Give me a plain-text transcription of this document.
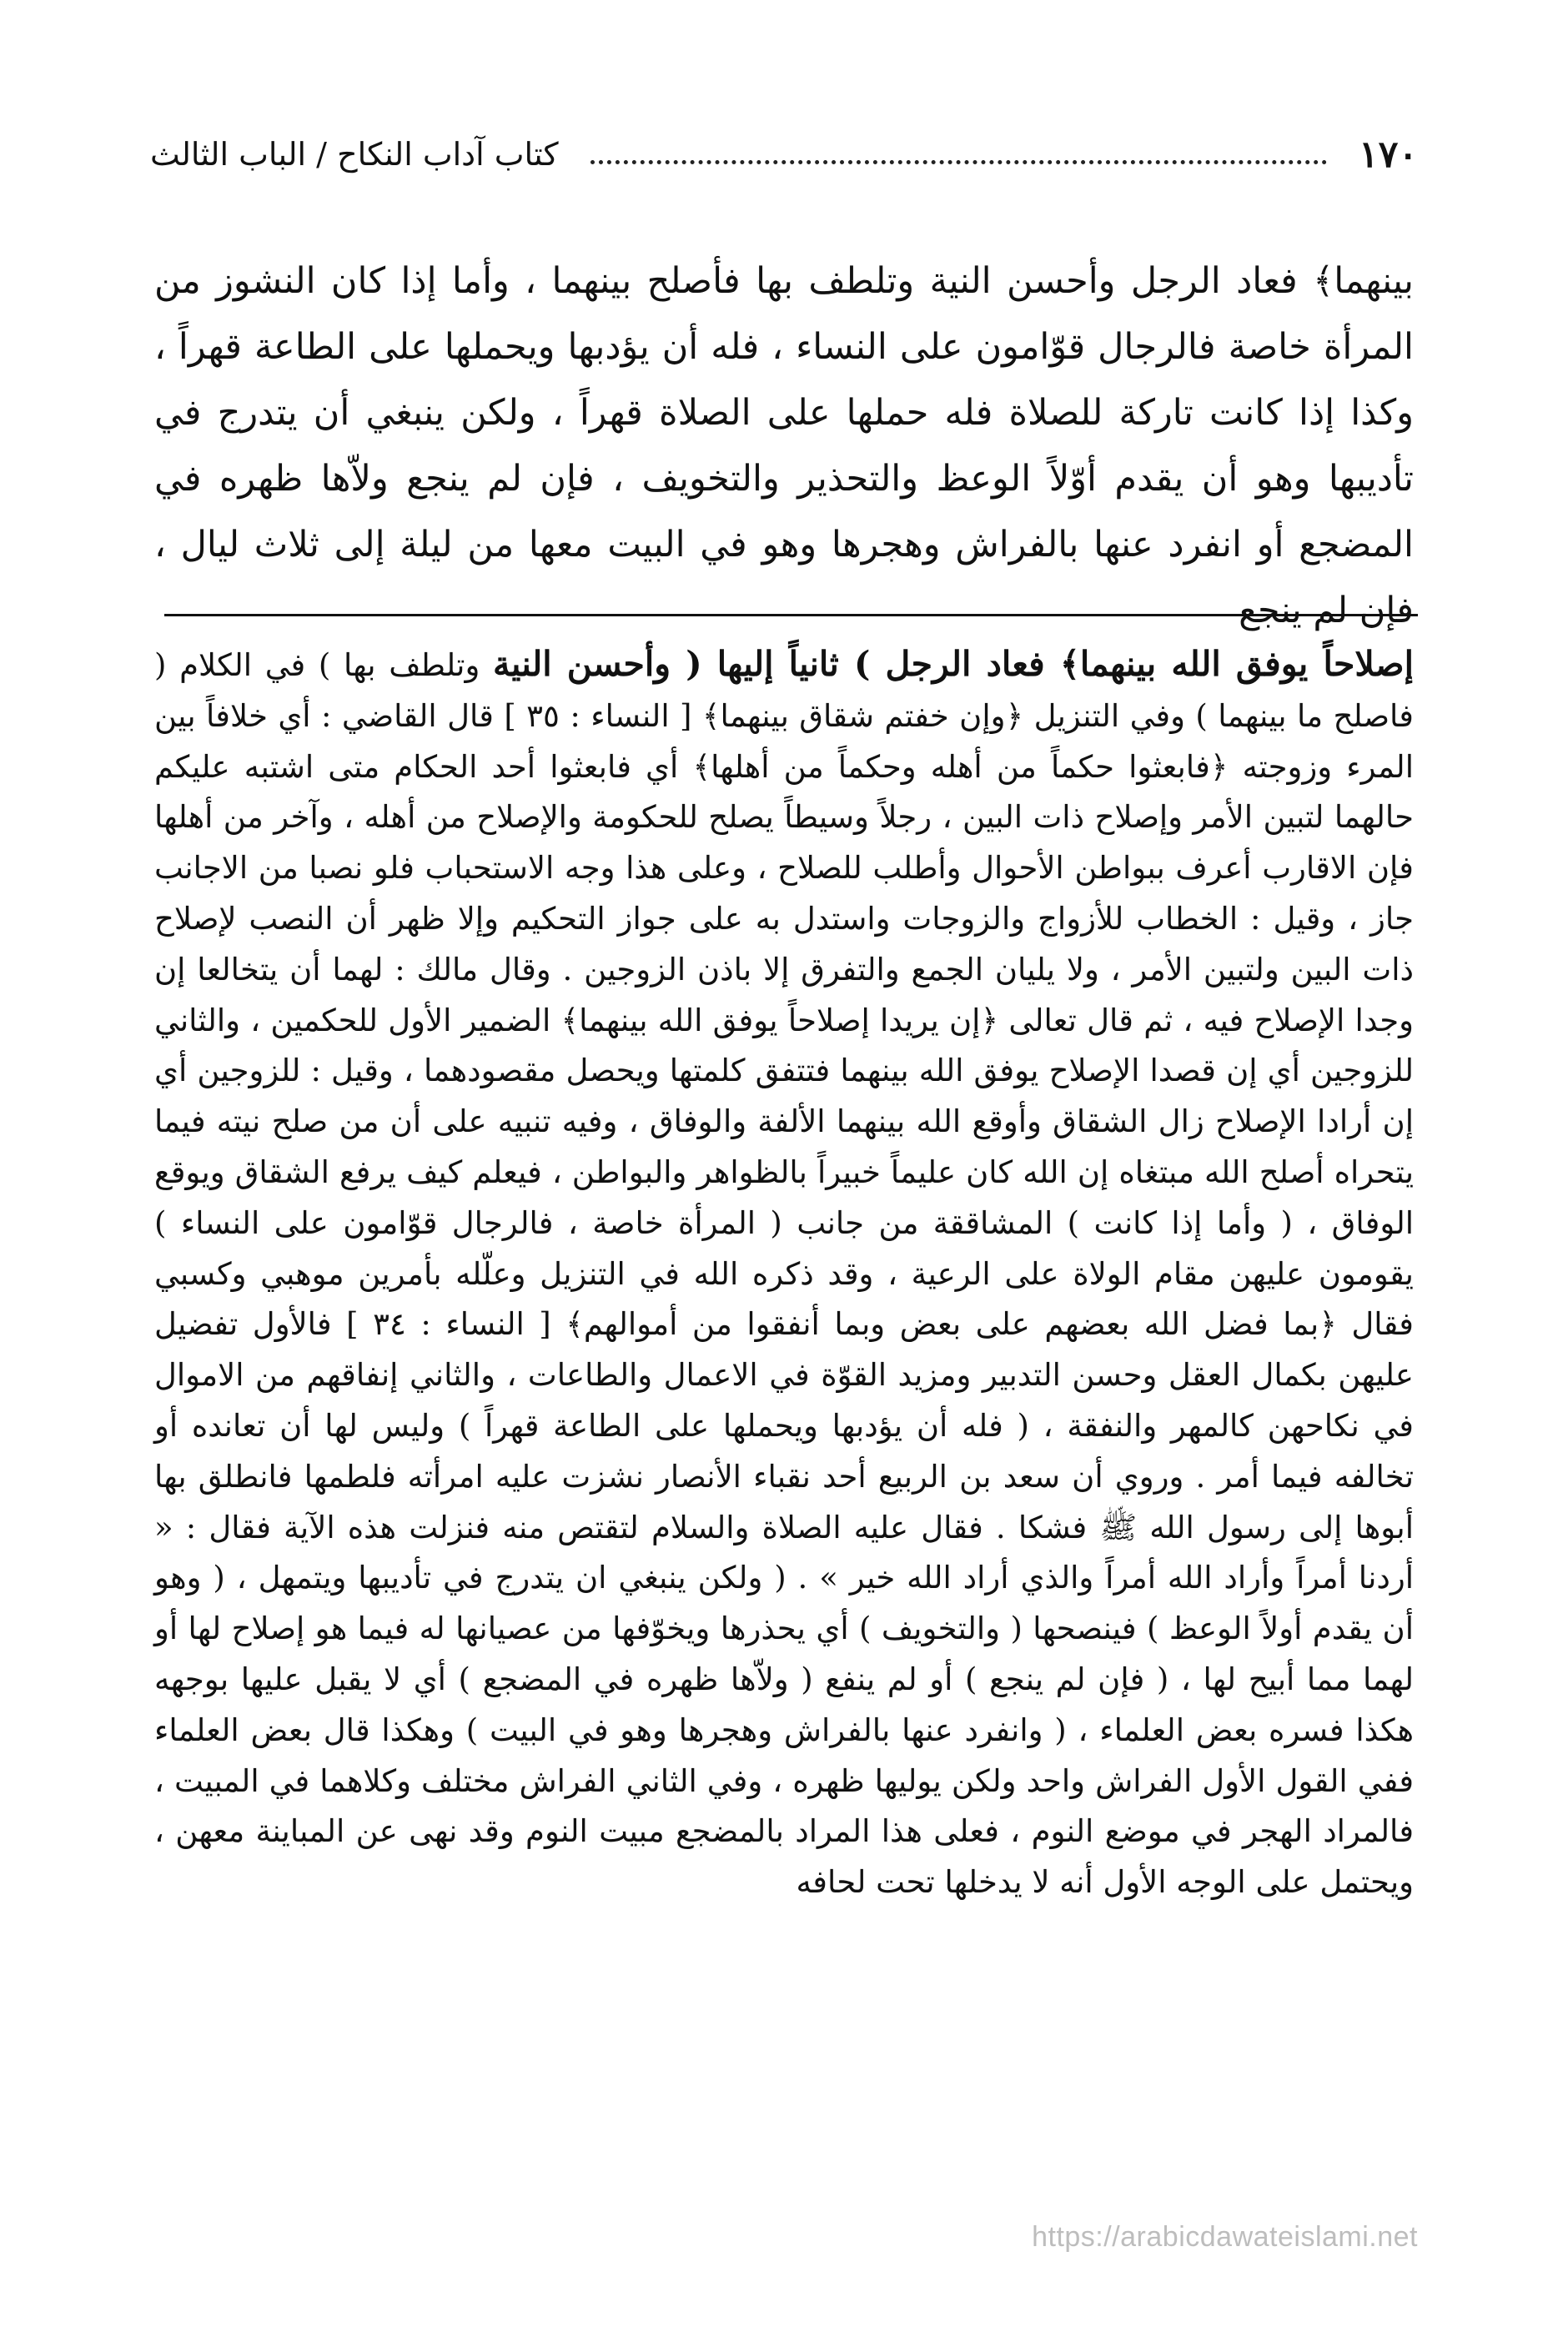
١٧٠
كتاب آداب النكاح / الباب الثالث

بينهما﴾ فعاد الرجل وأحسن النية وتلطف بها فأصلح بينهما ، وأما إذا كان النشوز من المرأة خاصة فالرجال قوّامون على النساء ، فله أن يؤدبها ويحملها على الطاعة قهراً ، وكذا إذا كانت تاركة للصلاة فله حملها على الصلاة قهراً ، ولكن ينبغي أن يتدرج في تأديبها وهو أن يقدم أوّلاً الوعظ والتحذير والتخويف ، فإن لم ينجع ولاّها ظهره في المضجع أو انفرد عنها بالفراش وهجرها وهو في البيت معها من ليلة إلى ثلاث ليال ، فإن لم ينجع

إصلاحاً يوفق الله بينهما﴾ فعاد الرجل ) ثانياً إليها ( وأحسن النية وتلطف بها ) في الكلام ( فاصلح ما بينهما ) وفي التنزيل ﴿وإن خفتم شقاق بينهما﴾ [ النساء : ٣٥ ] قال القاضي : أي خلافاً بين المرء وزوجته ﴿فابعثوا حكماً من أهله وحكماً من أهلها﴾ أي فابعثوا أحد الحكام متى اشتبه عليكم حالهما لتبين الأمر وإصلاح ذات البين ، رجلاً وسيطاً يصلح للحكومة والإصلاح من أهله ، وآخر من أهلها فإن الاقارب أعرف ببواطن الأحوال وأطلب للصلاح ، وعلى هذا وجه الاستحباب فلو نصبا من الاجانب جاز ، وقيل : الخطاب للأزواج والزوجات واستدل به على جواز التحكيم وإلا ظهر أن النصب لإصلاح ذات البين ولتبين الأمر ، ولا يليان الجمع والتفرق إلا باذن الزوجين . وقال مالك : لهما أن يتخالعا إن وجدا الإصلاح فيه ، ثم قال تعالى ﴿إن يريدا إصلاحاً يوفق الله بينهما﴾ الضمير الأول للحكمين ، والثاني للزوجين أي إن قصدا الإصلاح يوفق الله بينهما فتتفق كلمتها ويحصل مقصودهما ، وقيل : للزوجين أي إن أرادا الإصلاح زال الشقاق وأوقع الله بينهما الألفة والوفاق ، وفيه تنبيه على أن من صلح نيته فيما يتحراه أصلح الله مبتغاه إن الله كان عليماً خبيراً بالظواهر والبواطن ، فيعلم كيف يرفع الشقاق ويوقع الوفاق ، ( وأما إذا كانت ) المشاققة من جانب ( المرأة خاصة ، فالرجال قوّامون على النساء ) يقومون عليهن مقام الولاة على الرعية ، وقد ذكره الله في التنزيل وعلّله بأمرين موهبي وكسبي فقال ﴿بما فضل الله بعضهم على بعض وبما أنفقوا من أموالهم﴾ [ النساء : ٣٤ ] فالأول تفضيل عليهن بكمال العقل وحسن التدبير ومزيد القوّة في الاعمال والطاعات ، والثاني إنفاقهم من الاموال في نكاحهن كالمهر والنفقة ، ( فله أن يؤدبها ويحملها على الطاعة قهراً ) وليس لها أن تعانده أو تخالفه فيما أمر . وروي أن سعد بن الربيع أحد نقباء الأنصار نشزت عليه امرأته فلطمها فانطلق بها أبوها إلى رسول الله ﷺ فشكا . فقال عليه الصلاة والسلام لتقتص منه فنزلت هذه الآية فقال : « أردنا أمراً وأراد الله أمراً والذي أراد الله خير » . ( ولكن ينبغي ان يتدرج في تأديبها ويتمهل ، ( وهو أن يقدم أولاً الوعظ ) فينصحها ( والتخويف ) أي يحذرها ويخوّفها من عصيانها له فيما هو إصلاح لها أو لهما مما أبيح لها ، ( فإن لم ينجع ) أو لم ينفع ( ولاّها ظهره في المضجع ) أي لا يقبل عليها بوجهه هكذا فسره بعض العلماء ، ( وانفرد عنها بالفراش وهجرها وهو في البيت ) وهكذا قال بعض العلماء ففي القول الأول الفراش واحد ولكن يوليها ظهره ، وفي الثاني الفراش مختلف وكلاهما في المبيت ، فالمراد الهجر في موضع النوم ، فعلى هذا المراد بالمضجع مبيت النوم وقد نهى عن المباينة معهن ، ويحتمل على الوجه الأول أنه لا يدخلها تحت لحافه

https://arabicdawateislami.net
